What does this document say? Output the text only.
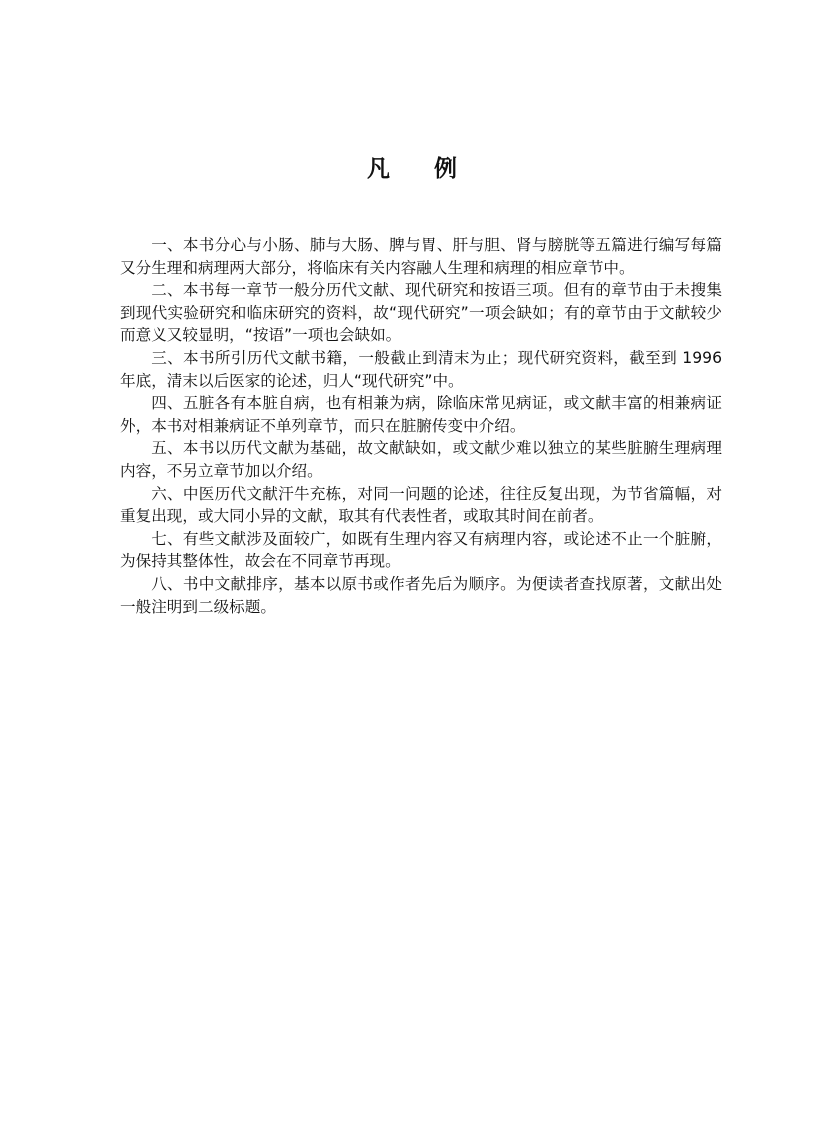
凡例

一、本书分心与小肠、肺与大肠、脾与胃、肝与胆、肾与膀胱等五篇进行编写每篇又分生理和病理两大部分，将临床有关内容融人生理和病理的相应章节中。

二、本书每一章节一般分历代文献、现代研究和按语三项。但有的章节由于未搜集到现代实验研究和临床研究的资料，故“现代研究”一项会缺如；有的章节由于文献较少而意义又较显明，“按语”一项也会缺如。

三、本书所引历代文献书籍，一般截止到清末为止；现代研究资料，截至到 1996 年底，清末以后医家的论述，归人“现代研究”中。

四、五脏各有本脏自病，也有相兼为病，除临床常见病证，或文献丰富的相兼病证外，本书对相兼病证不单列章节，而只在脏腑传变中介绍。

五、本书以历代文献为基础，故文献缺如，或文献少难以独立的某些脏腑生理病理内容，不另立章节加以介绍。

六、中医历代文献汗牛充栋，对同一问题的论述，往往反复出现，为节省篇幅，对重复出现，或大同小异的文献，取其有代表性者，或取其时间在前者。

七、有些文献涉及面较广，如既有生理内容又有病理内容，或论述不止一个脏腑，为保持其整体性，故会在不同章节再现。

八、书中文献排序，基本以原书或作者先后为顺序。为便读者查找原著，文献出处一般注明到二级标题。
